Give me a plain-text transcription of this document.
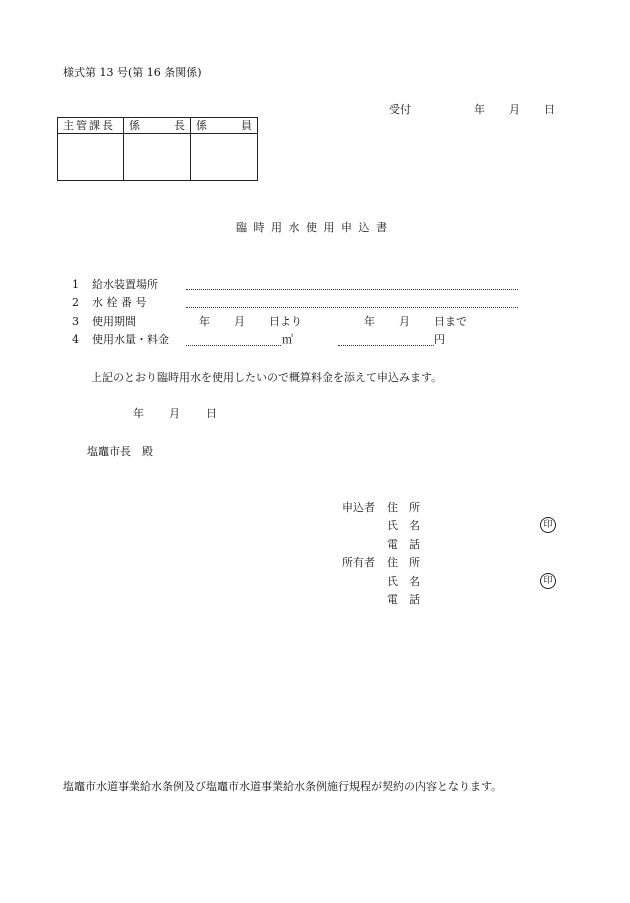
様式第 13 号(第 16 条関係)
受付	年 月 日
主管課長	係 長	係 員

臨時用水使用申込書
1 給水装置場所
2 水 栓 番 号
3 使用期間	年 月 日より	年 月 日まで
4 使用水量・料金	㎥	円
上記のとおり臨時用水を使用したいので概算料金を添えて申込みます。
年 月 日
塩竈市長　殿
申込者 住　所
氏　名	印
電　話
所有者 住　所
氏　名	印
電　話
塩竈市水道事業給水条例及び塩竈市水道事業給水条例施行規程が契約の内容となります。
